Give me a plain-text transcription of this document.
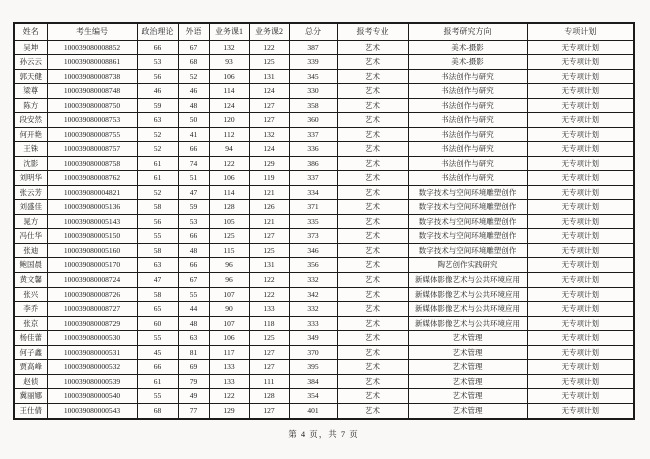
姓名	考生编号	政治理论	外语	业务课1	业务课2	总分	报考专业	报考研究方向	专项计划
吴坤	100039080008852	66	67	132	122	387	艺术	美术-摄影	无专项计划
孙云云	100039080008861	53	68	93	125	339	艺术	美术-摄影	无专项计划
郭天健	100039080008738	56	52	106	131	345	艺术	书法创作与研究	无专项计划
梁尊	100039080008748	46	46	114	124	330	艺术	书法创作与研究	无专项计划
陈方	100039080008750	59	48	124	127	358	艺术	书法创作与研究	无专项计划
段安然	100039080008753	63	50	120	127	360	艺术	书法创作与研究	无专项计划
何开艳	100039080008755	52	41	112	132	337	艺术	书法创作与研究	无专项计划
王铢	100039080008757	52	66	94	124	336	艺术	书法创作与研究	无专项计划
沈影	100039080008758	61	74	122	129	386	艺术	书法创作与研究	无专项计划
刘明华	100039080008762	61	51	106	119	337	艺术	书法创作与研究	无专项计划
张云芳	100039080004821	52	47	114	121	334	艺术	数字技术与空间环境雕塑创作	无专项计划
刘盛佳	100039080005136	58	59	128	126	371	艺术	数字技术与空间环境雕塑创作	无专项计划
晁方	100039080005143	56	53	105	121	335	艺术	数字技术与空间环境雕塑创作	无专项计划
冯仕华	100039080005150	55	66	125	127	373	艺术	数字技术与空间环境雕塑创作	无专项计划
张迪	100039080005160	58	48	115	125	346	艺术	数字技术与空间环境雕塑创作	无专项计划
鲍国晨	100039080005170	63	66	96	131	356	艺术	陶艺创作实践研究	无专项计划
黄文馨	100039080008724	47	67	96	122	332	艺术	新媒体影像艺术与公共环境应用	无专项计划
张兴	100039080008726	58	55	107	122	342	艺术	新媒体影像艺术与公共环境应用	无专项计划
李乔	100039080008727	65	44	90	133	332	艺术	新媒体影像艺术与公共环境应用	无专项计划
张京	100039080008729	60	48	107	118	333	艺术	新媒体影像艺术与公共环境应用	无专项计划
杨佳蕾	100039080000530	55	63	106	125	349	艺术	艺术管理	无专项计划
何子鑫	100039080000531	45	81	117	127	370	艺术	艺术管理	无专项计划
贾高峰	100039080000532	66	69	133	127	395	艺术	艺术管理	无专项计划
赵侦	100039080000539	61	79	133	111	384	艺术	艺术管理	无专项计划
冀丽娜	100039080000540	55	49	122	128	354	艺术	艺术管理	无专项计划
王仕倩	100039080000543	68	77	129	127	401	艺术	艺术管理	无专项计划
第 4 页，共 7 页
